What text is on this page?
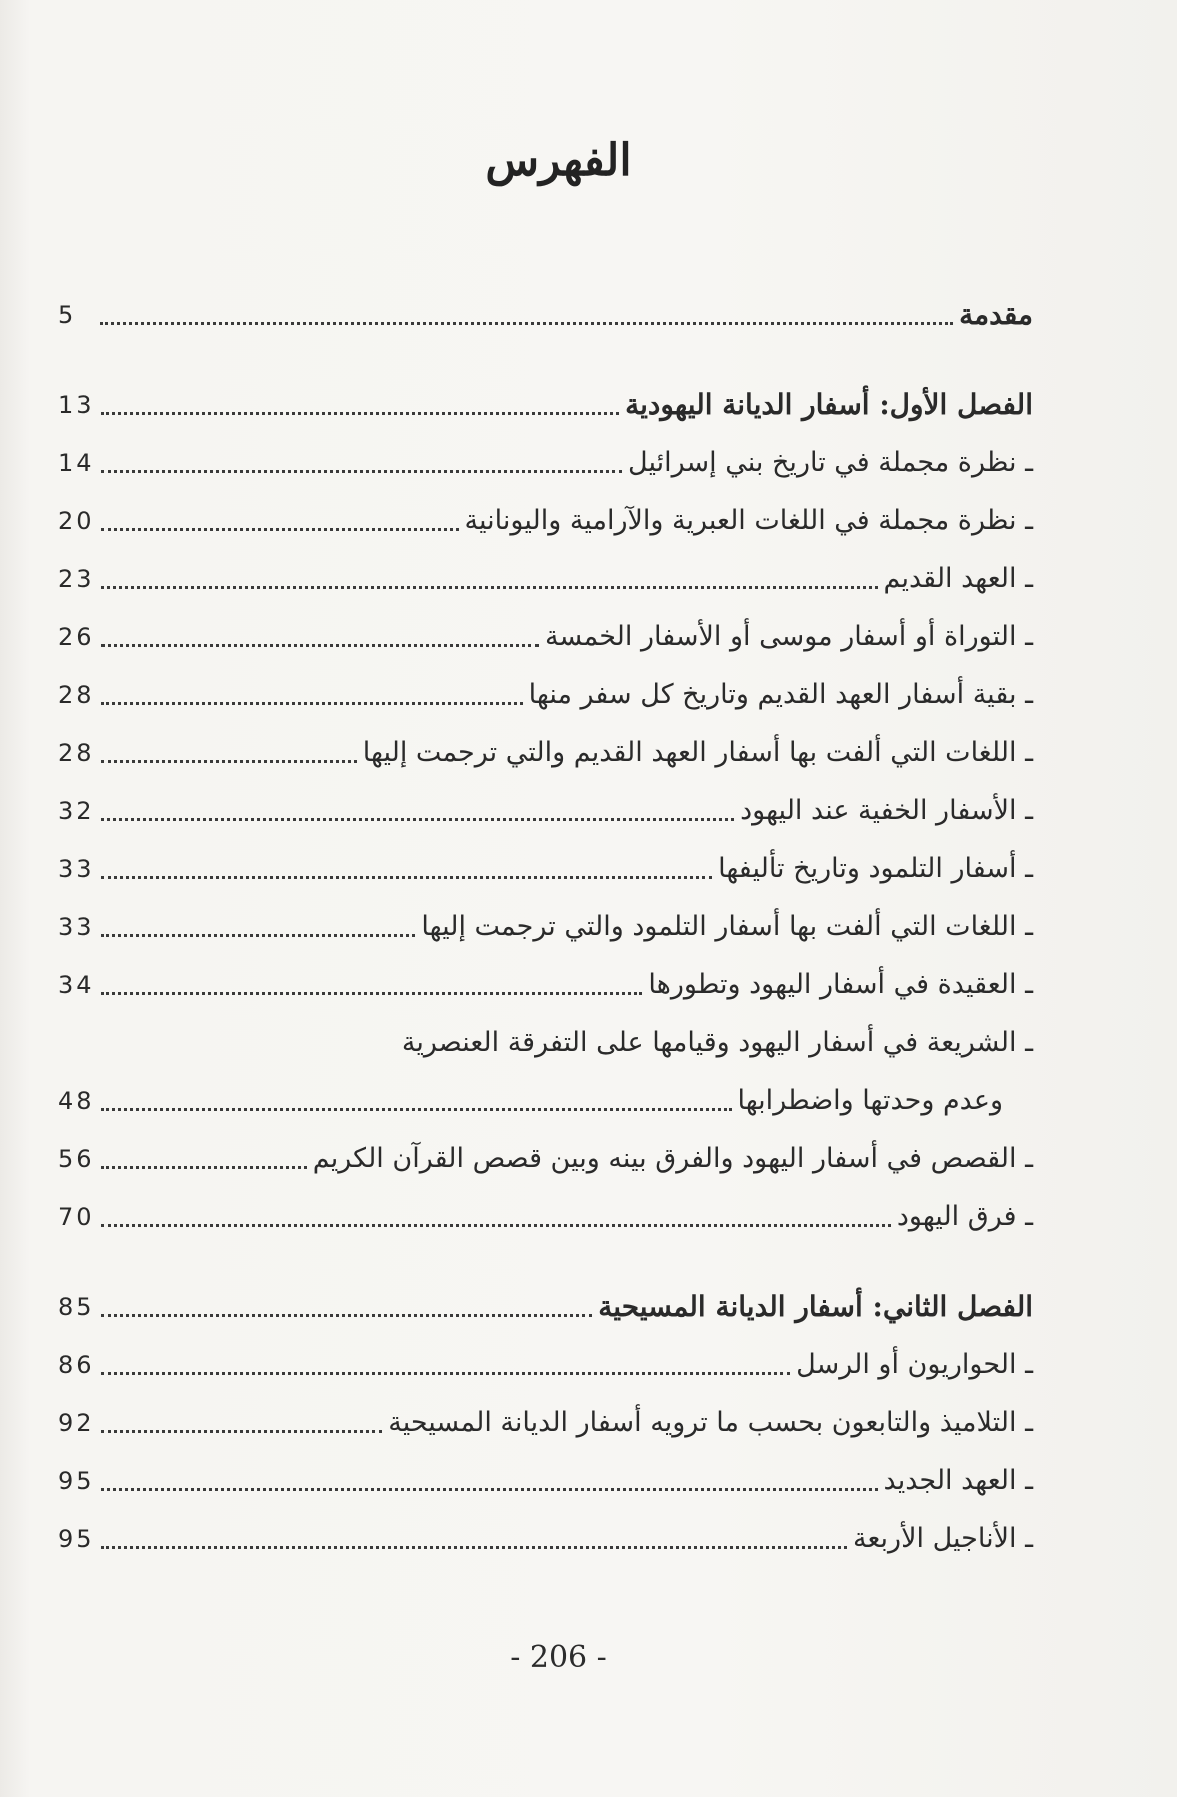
الفهرس
مقدمة
5
الفصل الأول: أسفار الديانة اليهودية
13
ـ نظرة مجملة في تاريخ بني إسرائيل
14
ـ نظرة مجملة في اللغات العبرية والآرامية واليونانية
20
ـ العهد القديم
23
ـ التوراة أو أسفار موسى أو الأسفار الخمسة
26
ـ بقية أسفار العهد القديم وتاريخ كل سفر منها
28
ـ اللغات التي ألفت بها أسفار العهد القديم والتي ترجمت إليها
28
ـ الأسفار الخفية عند اليهود
32
ـ أسفار التلمود وتاريخ تأليفها
33
ـ اللغات التي ألفت بها أسفار التلمود والتي ترجمت إليها
33
ـ العقيدة في أسفار اليهود وتطورها
34
ـ الشريعة في أسفار اليهود وقيامها على التفرقة العنصرية
وعدم وحدتها واضطرابها
48
ـ القصص في أسفار اليهود والفرق بينه وبين قصص القرآن الكريم
56
ـ فرق اليهود
70
الفصل الثاني: أسفار الديانة المسيحية
85
ـ الحواريون أو الرسل
86
ـ التلاميذ والتابعون بحسب ما ترويه أسفار الديانة المسيحية
92
ـ العهد الجديد
95
ـ الأناجيل الأربعة
95
- 206 -
